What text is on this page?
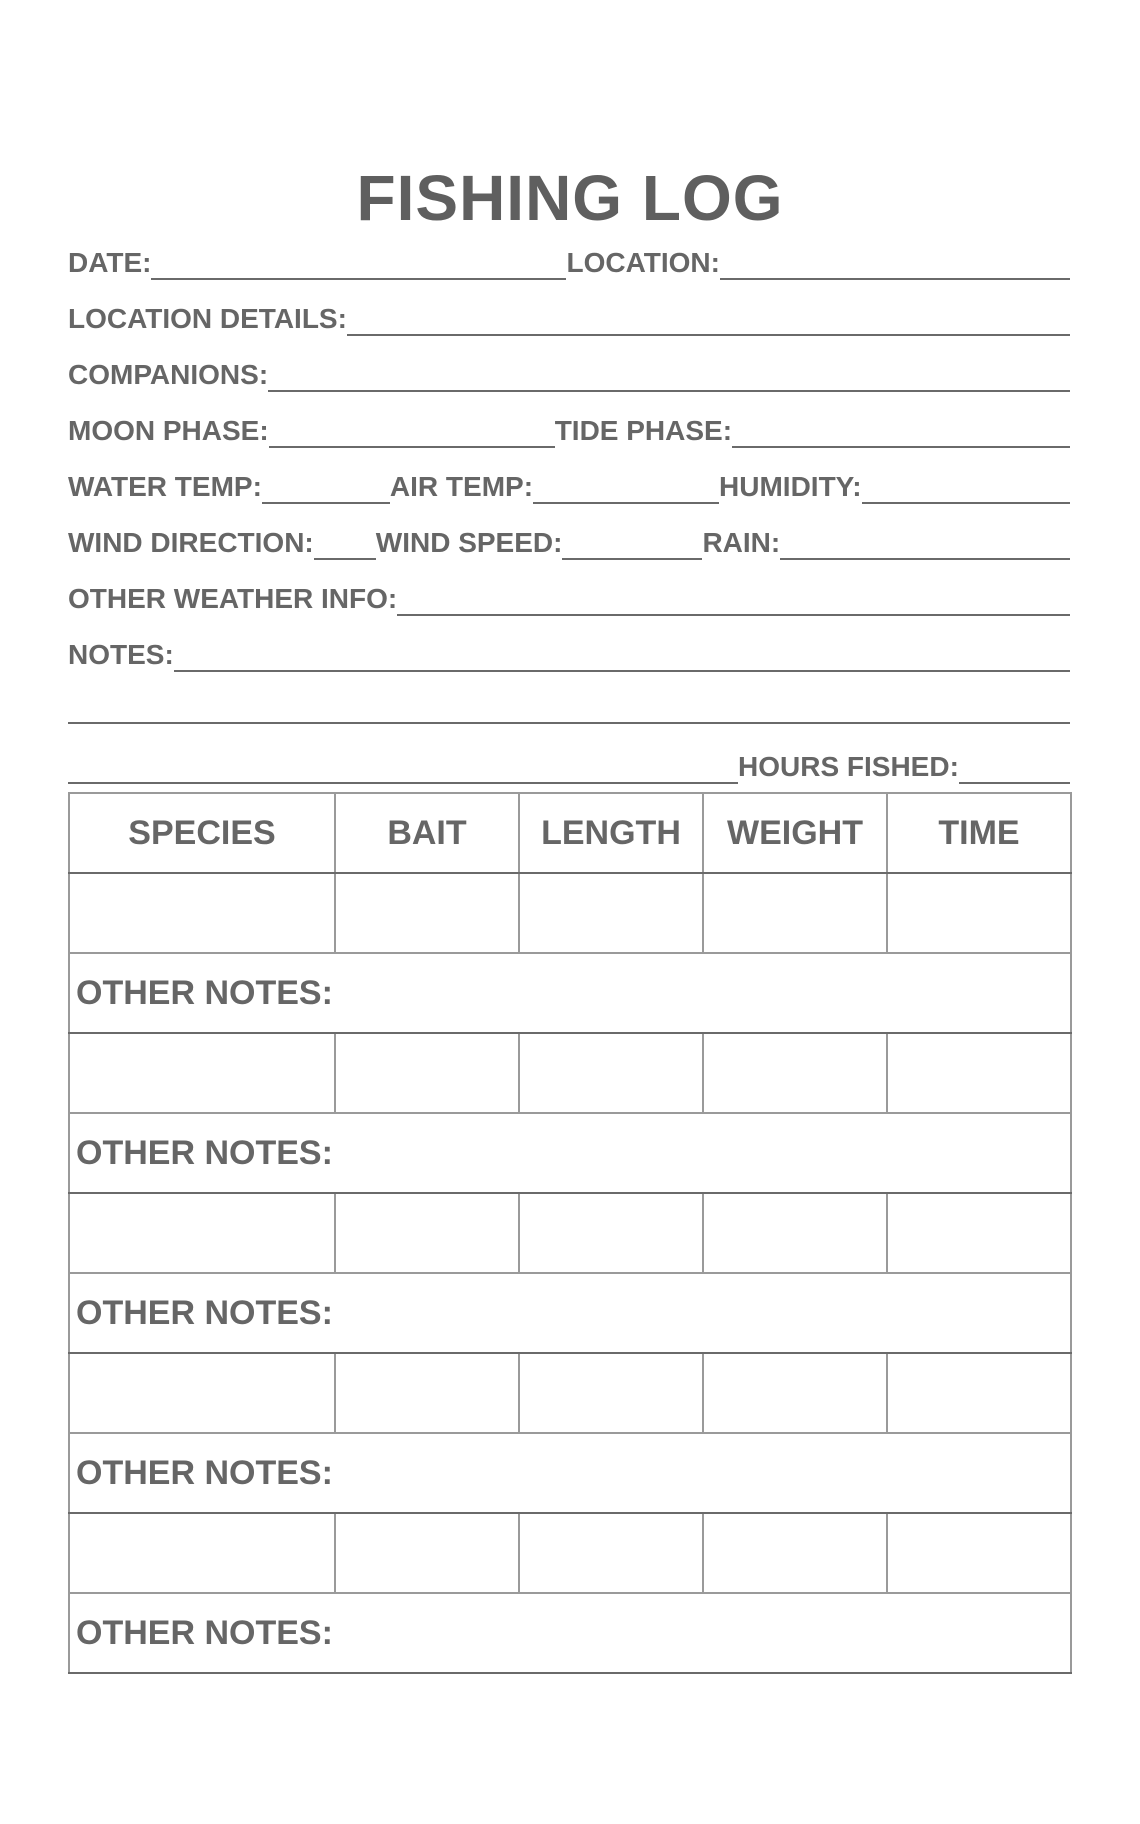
FISHING LOG
DATE:	LOCATION:
LOCATION DETAILS:
COMPANIONS:
MOON PHASE:	TIDE PHASE:
WATER TEMP:	AIR TEMP:	HUMIDITY:
WIND DIRECTION: WIND SPEED:	RAIN:
OTHER WEATHER INFO:
NOTES:
HOURS FISHED:
SPECIES	BAIT	LENGTH	WEIGHT	TIME

OTHER NOTES:				

OTHER NOTES:				

OTHER NOTES:				

OTHER NOTES:				

OTHER NOTES:				
